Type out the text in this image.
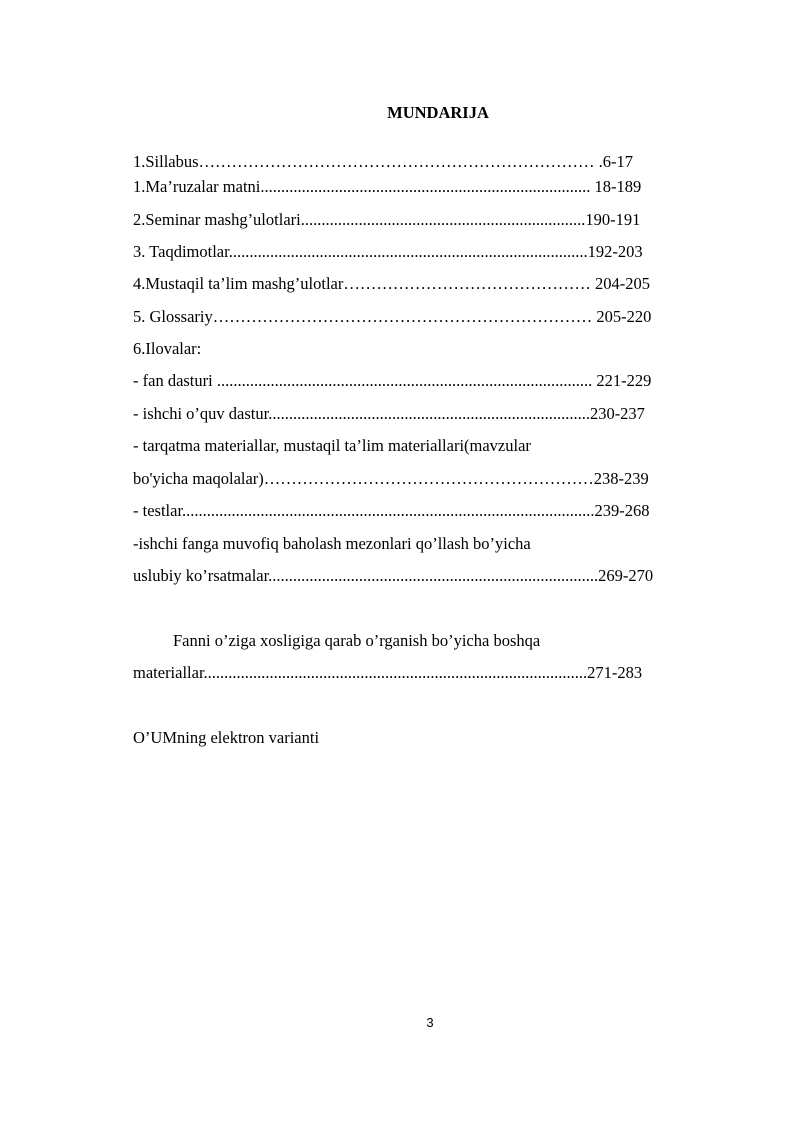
MUNDARIJA
1.Sillabus……………………………………………………………… .6-17
1.Ma’ruzalar matni................................................................................ 18-189
2.Seminar mashg’ulotlari.....................................................................190-191
3. Taqdimotlar.......................................................................................192-203
4.Mustaqil ta’lim mashg’ulotlar……………………………………… 204-205
5. Glossariy…………………………………………………………… 205-220
6.Ilovalar:
- fan dasturi ........................................................................................... 221-229
- ishchi o’quv dastur..............................................................................230-237
- tarqatma materiallar, mustaqil ta’lim materiallari(mavzular
bo'yicha maqolalar)……………………………………………………238-239
- testlar....................................................................................................239-268
-ishchi fanga muvofiq baholash mezonlari qo’llash bo’yicha
uslubiy ko’rsatmalar................................................................................269-270
Fanni o’ziga xosligiga qarab o’rganish bo’yicha boshqa
materiallar.............................................................................................271-283
O’UMning elektron varianti
3
